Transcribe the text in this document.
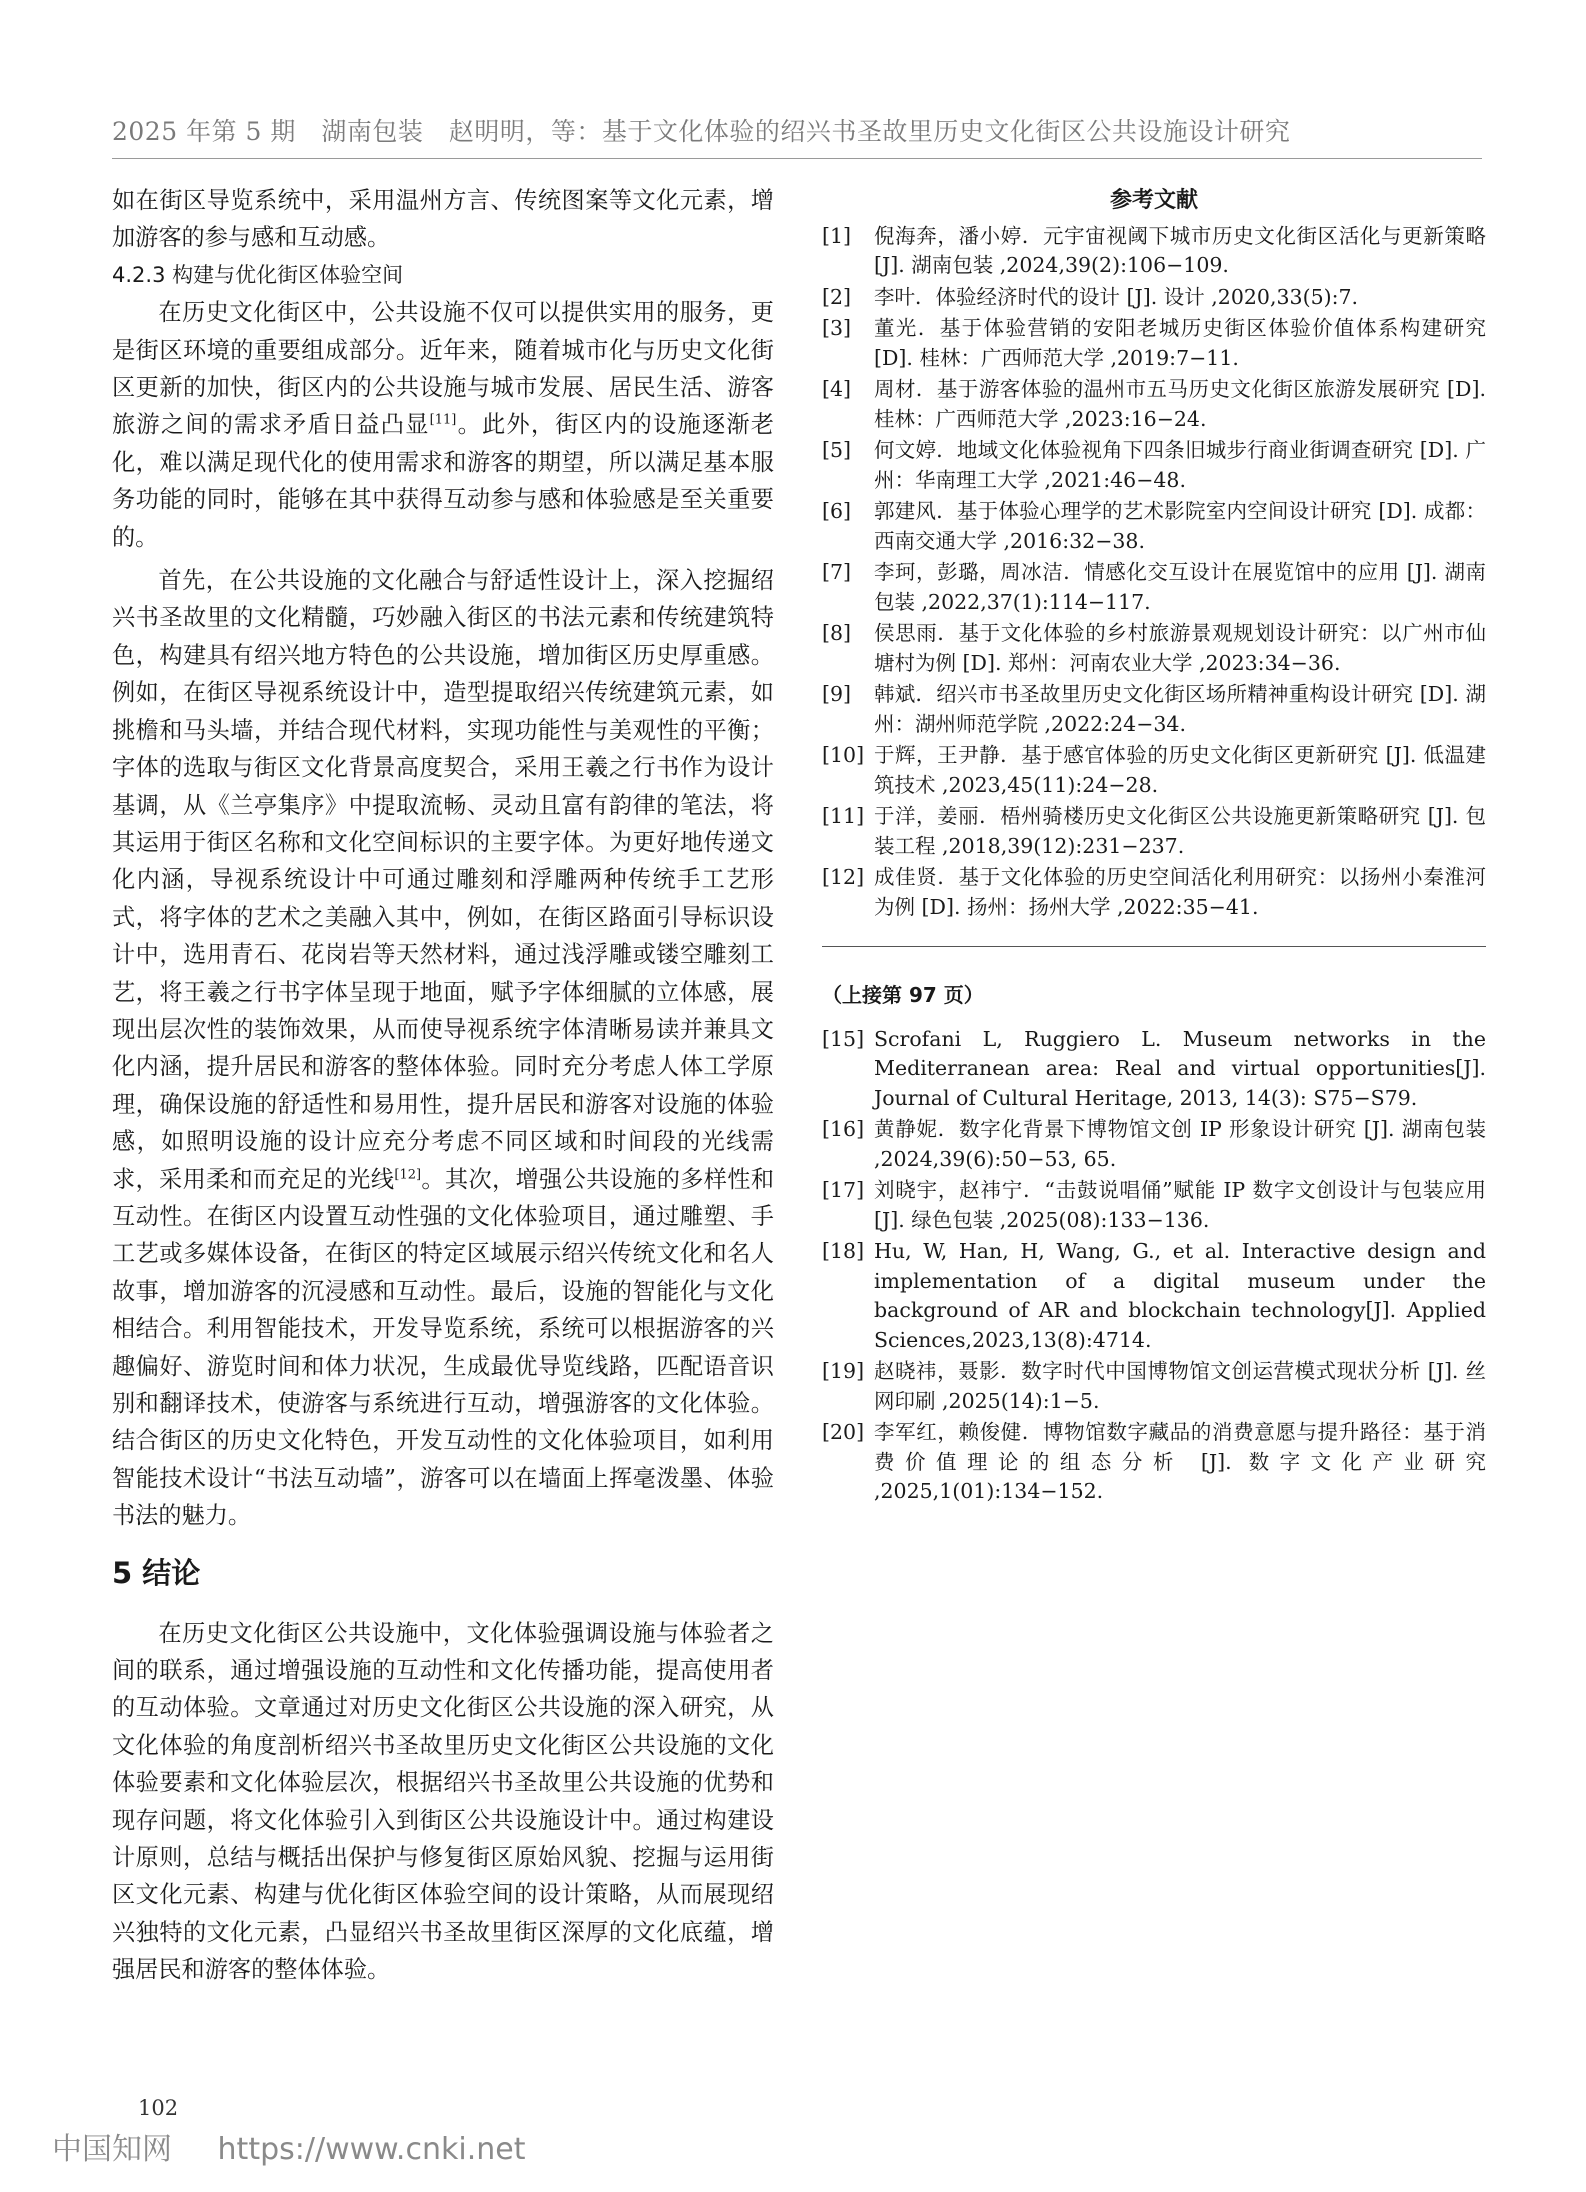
2025 年第 5 期　湖南包装　赵明明，等：基于文化体验的绍兴书圣故里历史文化街区公共设施设计研究

如在街区导览系统中，采用温州方言、传统图案等文化元素，增加游客的参与感和互动感。

4.2.3 构建与优化街区体验空间

在历史文化街区中，公共设施不仅可以提供实用的服务，更是街区环境的重要组成部分。近年来，随着城市化与历史文化街区更新的加快，街区内的公共设施与城市发展、居民生活、游客旅游之间的需求矛盾日益凸显[11]。此外，街区内的设施逐渐老化，难以满足现代化的使用需求和游客的期望，所以满足基本服务功能的同时，能够在其中获得互动参与感和体验感是至关重要的。

首先，在公共设施的文化融合与舒适性设计上，深入挖掘绍兴书圣故里的文化精髓，巧妙融入街区的书法元素和传统建筑特色，构建具有绍兴地方特色的公共设施，增加街区历史厚重感。例如，在街区导视系统设计中，造型提取绍兴传统建筑元素，如挑檐和马头墙，并结合现代材料，实现功能性与美观性的平衡；字体的选取与街区文化背景高度契合，采用王羲之行书作为设计基调，从《兰亭集序》中提取流畅、灵动且富有韵律的笔法，将其运用于街区名称和文化空间标识的主要字体。为更好地传递文化内涵，导视系统设计中可通过雕刻和浮雕两种传统手工艺形式，将字体的艺术之美融入其中，例如，在街区路面引导标识设计中，选用青石、花岗岩等天然材料，通过浅浮雕或镂空雕刻工艺，将王羲之行书字体呈现于地面，赋予字体细腻的立体感，展现出层次性的装饰效果，从而使导视系统字体清晰易读并兼具文化内涵，提升居民和游客的整体体验。同时充分考虑人体工学原理，确保设施的舒适性和易用性，提升居民和游客对设施的体验感，如照明设施的设计应充分考虑不同区域和时间段的光线需求，采用柔和而充足的光线[12]。其次，增强公共设施的多样性和互动性。在街区内设置互动性强的文化体验项目，通过雕塑、手工艺或多媒体设备，在街区的特定区域展示绍兴传统文化和名人故事，增加游客的沉浸感和互动性。最后，设施的智能化与文化相结合。利用智能技术，开发导览系统，系统可以根据游客的兴趣偏好、游览时间和体力状况，生成最优导览线路，匹配语音识别和翻译技术，使游客与系统进行互动，增强游客的文化体验。结合街区的历史文化特色，开发互动性的文化体验项目，如利用智能技术设计“书法互动墙”，游客可以在墙面上挥毫泼墨、体验书法的魅力。

5 结论

在历史文化街区公共设施中，文化体验强调设施与体验者之间的联系，通过增强设施的互动性和文化传播功能，提高使用者的互动体验。文章通过对历史文化街区公共设施的深入研究，从文化体验的角度剖析绍兴书圣故里历史文化街区公共设施的文化体验要素和文化体验层次，根据绍兴书圣故里公共设施的优势和现存问题，将文化体验引入到街区公共设施设计中。通过构建设计原则，总结与概括出保护与修复街区原始风貌、挖掘与运用街区文化元素、构建与优化街区体验空间的设计策略，从而展现绍兴独特的文化元素，凸显绍兴书圣故里街区深厚的文化底蕴，增强居民和游客的整体体验。

参考文献
[1]	倪海奔，潘小婷．元宇宙视阈下城市历史文化街区活化与更新策略 [J]. 湖南包装 ,2024,39(2):106−109.
[2]	李叶．体验经济时代的设计 [J]. 设计 ,2020,33(5):7.
[3]	董光．基于体验营销的安阳老城历史街区体验价值体系构建研究 [D]. 桂林：广西师范大学 ,2019:7−11.
[4]	周材．基于游客体验的温州市五马历史文化街区旅游发展研究 [D]. 桂林：广西师范大学 ,2023:16−24.
[5]	何文婷．地域文化体验视角下四条旧城步行商业街调查研究 [D]. 广州：华南理工大学 ,2021:46−48.
[6]	郭建风．基于体验心理学的艺术影院室内空间设计研究 [D]. 成都：西南交通大学 ,2016:32−38.
[7]	李珂，彭璐，周冰洁．情感化交互设计在展览馆中的应用 [J]. 湖南包装 ,2022,37(1):114−117.
[8]	侯思雨．基于文化体验的乡村旅游景观规划设计研究：以广州市仙塘村为例 [D]. 郑州：河南农业大学 ,2023:34−36.
[9]	韩斌．绍兴市书圣故里历史文化街区场所精神重构设计研究 [D]. 湖州：湖州师范学院 ,2022:24−34.
[10] 于辉，王尹静．基于感官体验的历史文化街区更新研究 [J]. 低温建筑技术 ,2023,45(11):24−28.
[11] 于洋，姜丽．梧州骑楼历史文化街区公共设施更新策略研究 [J]. 包装工程 ,2018,39(12):231−237.
[12] 成佳贤．基于文化体验的历史空间活化利用研究：以扬州小秦淮河为例 [D]. 扬州：扬州大学 ,2022:35−41.
（上接第 97 页）
[15] Scrofani L, Ruggiero L. Museum networks in the Mediterranean area: Real and virtual opportunities[J]. Journal of Cultural Heritage, 2013, 14(3): S75−S79.
[16] 黄静妮．数字化背景下博物馆文创 IP 形象设计研究 [J]. 湖南包装 ,2024,39(6):50−53, 65.
[17] 刘晓宇，赵祎宁．“击鼓说唱俑”赋能 IP 数字文创设计与包装应用 [J]. 绿色包装 ,2025(08):133−136.
[18] Hu, W, Han, H, Wang, G., et al. Interactive design and implementation of a digital museum under the background of AR and blockchain technology[J]. Applied Sciences,2023,13(8):4714.
[19] 赵晓祎，聂影．数字时代中国博物馆文创运营模式现状分析 [J]. 丝网印刷 ,2025(14):1−5.
[20] 李军红，赖俊健．博物馆数字藏品的消费意愿与提升路径：基于消费价值理论的组态分析 [J]. 数字文化产业研究 ,2025,1(01):134−152.
102
中国知网 https://www.cnki.net
